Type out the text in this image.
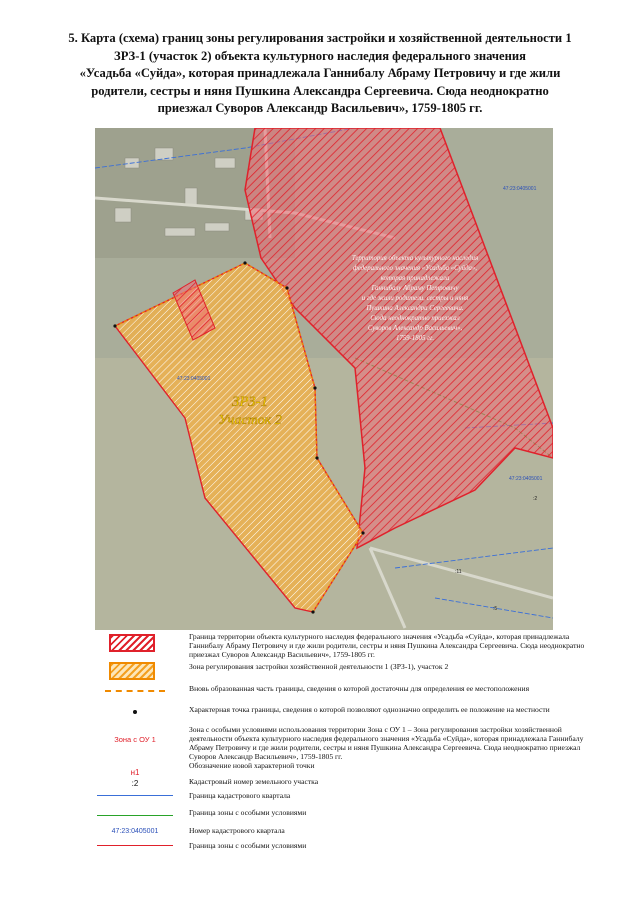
5. Карта (схема) границ зоны регулирования застройки и хозяйственной деятельности 1
ЗРЗ-1 (участок 2) объекта культурного наследия федерального значения
«Усадьба «Суйда», которая принадлежала Ганнибалу Абраму Петровичу и где жили
родители, сестры и няня Пушкина Александра Сергеевича. Сюда неоднократно
приезжал Суворов Александр Васильевич», 1759-1805 гг.
ЗРЗ-1
Участок 2
Территория объекта культурного наследия
федерального значения «Усадьба «Суйда»,
которая принадлежала
Ганнибалу Абраму Петровичу
и где жили родители, сестры и няня
Пушкина Александра Сергеевича.
Сюда неоднократно приезжал
Суворов Александр Васильевич»,
1759-1805 гг.
47:23:0405001
47:23:0405001
47:23:0405001
:2
:11
:5
Граница территории объекта культурного наследия федерального значения «Усадьба «Суйда», которая принадлежала Ганнибалу Абраму Петровичу и где жили родители, сестры и няня Пушкина Александра Сергеевича. Сюда неоднократно приезжал Суворов Александр Васильевич», 1759-1805 гг.
Зона регулирования застройки хозяйственной деятельности 1 (ЗРЗ-1), участок 2
Вновь образованная часть границы, сведения о которой достаточны для определения ее местоположения
Характерная точка границы, сведения о которой позволяют однозначно определить ее положение на местности
Зона с ОУ 1
Зона с особыми условиями использования территории Зона с ОУ 1 – Зона регулирования застройки хозяйственной деятельности объекта культурного наследия федерального значения «Усадьба «Суйда», которая принадлежала Ганнибалу Абраму Петровичу и где жили родители, сестры и няня Пушкина Александра Сергеевича. Сюда неоднократно приезжал Суворов Александр Васильевич», 1759-1805 гг.
н1
Обозначение новой характерной точки
:2	Кадастровый номер земельного участка
Граница кадастрового квартала
Граница зоны с особыми условиями
47:23:0405001	Номер кадастрового квартала
Граница зоны с особыми условиями
